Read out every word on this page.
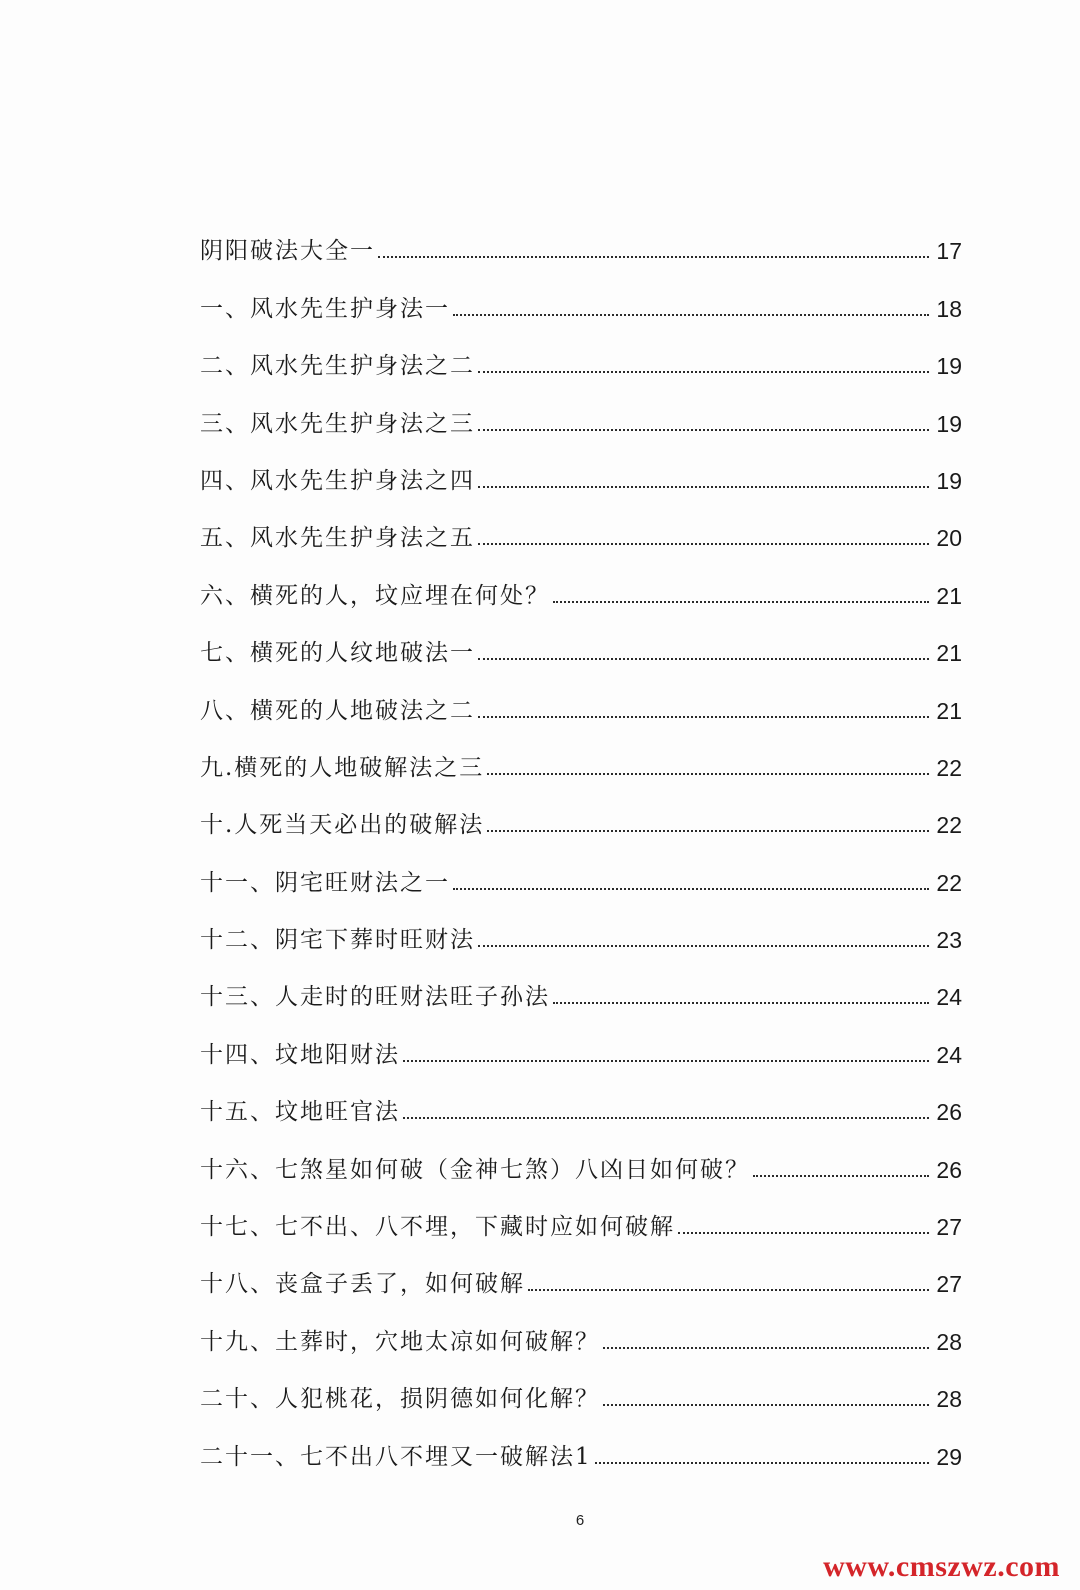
阴阳破法大全一	17
一、风水先生护身法一	18
二、风水先生护身法之二	19
三、风水先生护身法之三	19
四、风水先生护身法之四	19
五、风水先生护身法之五	20
六、横死的人，坟应埋在何处？	21
七、横死的人纹地破法一	21
八、横死的人地破法之二	21
九.横死的人地破解法之三	22
十.人死当天必出的破解法	22
十一、阴宅旺财法之一	22
十二、阴宅下葬时旺财法	23
十三、人走时的旺财法旺子孙法	24
十四、坟地阳财法	24
十五、坟地旺官法	26
十六、七煞星如何破（金神七煞）八凶日如何破？	26
十七、七不出、八不埋，下藏时应如何破解	27
十八、丧盒子丢了，如何破解	27
十九、土葬时，穴地太凉如何破解？	28
二十、人犯桃花，损阴德如何化解？	28
二十一、七不出八不埋又一破解法1	29
6
www.cmszwz.com
